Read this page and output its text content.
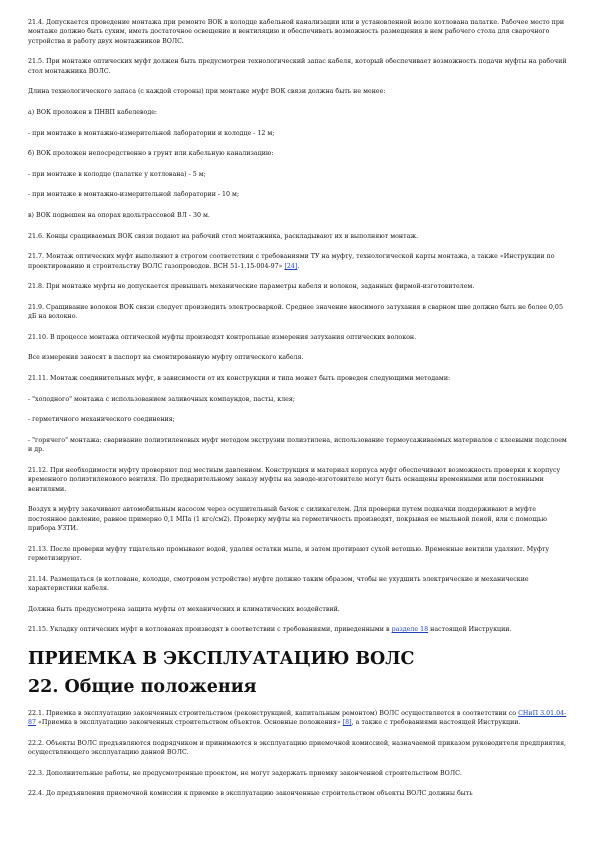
21.4. Допускается проведение монтажа при ремонте ВОК в колодце кабельной канализации или в установленной возле котлована палатке. Рабочее место при монтаже должно быть сухим, иметь достаточное освещение и вентиляцию и обеспечивать возможность размещения в нем рабочего стола для сварочного устройства и работу двух монтажников ВОЛС.

21.5. При монтаже оптических муфт должен быть предусмотрен технологический запас кабеля, который обеспечивает возможность подачи муфты на рабочий стол монтажника ВОЛС.

Длина технологического запаса (с каждой стороны) при монтаже муфт ВОК связи должна быть не менее:

а) ВОК проложен в ПНВП кабелеводе:

- при монтаже в монтажно-измерительной лаборатории и колодце - 12 м;

б) ВОК проложен непосредственно в грунт или кабельную канализацию:

- при монтаже в колодце (палатке у котлована) - 5 м;

- при монтаже в монтажно-измерительной лаборатории - 10 м;

в) ВОК подвешен на опорах вдольтрассовой ВЛ - 30 м.

21.6. Концы сращиваемых ВОК связи подают на рабочий стол монтажника, раскладывают их и выполняют монтаж.

21.7. Монтаж оптических муфт выполняют в строгом соответствии с требованиями ТУ на муфту, технологической карты монтажа, а также «Инструкции по проектированию и строительству ВОЛС газопроводов. ВСН 51-1.15-004-97» [24].

21.8. При монтаже муфты не допускается превышать механические параметры кабеля и волокон, заданных фирмой-изготовителем.

21.9. Сращивание волокон ВОК связи следует производить электросваркой. Среднее значение вносимого затухания в сварном шве должно быть не более 0,05 дБ на волокно.

21.10. В процессе монтажа оптической муфты производят контрольные измерения затухания оптических волокон.

Все измерения заносят в паспорт на смонтированную муфту оптического кабеля.

21.11. Монтаж соединительных муфт, в зависимости от их конструкции и типа может быть проведен следующими методами:

- "холодного" монтажа с использованием заливочных компаундов, пасты, клея;

- герметичного механического соединения;

- "горячего" монтажа: сваривание полиэтиленовых муфт методом экструзии полиэтилена, использование термоусаживаемых материалов с клеевыми подслоем и др.

21.12. При необходимости муфту проверяют под местным давлением. Конструкция и материал корпуса муфт обеспечивают возможность проверки к корпусу временного полиэтиленового вентиля. По предварительному заказу муфты на заводе-изготовителе могут быть оснащены временными или постоянными вентилями.

Воздух в муфту закачивают автомобильным насосом через осушительный бачок с силикагелем. Для проверки путем подкачки поддерживают в муфте постоянное давление, равное примерно 0,1 МПа (1 кгс/см2). Проверку муфты на герметичность производят, покрывая ее мыльной пеной, или с помощью прибора УЗТИ.

21.13. После проверки муфту тщательно промывают водой, удаляя остатки мыла, и затем протирают сухой ветошью. Временные вентили удаляют. Муфту герметизируют.

21.14. Размещаться (в котловане, колодце, смотровом устройстве) муфте должно таким образом, чтобы не ухудшить электрические и механические характеристики кабеля.

Должна быть предусмотрена защита муфты от механических и климатических воздействий.

21.15. Укладку оптических муфт в котлованах производят в соответствии с требованиями, приведенными в разделе 18 настоящей Инструкции.

ПРИЕМКА В ЭКСПЛУАТАЦИЮ ВОЛС
22. Общие положения

22.1. Приемка в эксплуатацию законченных строительством (реконструкцией, капитальным ремонтом) ВОЛС осуществляется в соответствии со СНиП 3.01.04-87 «Приемка в эксплуатацию законченных строительством объектов. Основные положения» [8], а также с требованиями настоящей Инструкции.

22.2. Объекты ВОЛС предъявляются подрядчиком и принимаются в эксплуатацию приемочной комиссией, назначаемой приказом руководителя предприятия, осуществляющего эксплуатацию данной ВОЛС.

22.3. Дополнительные работы, не предусмотренные проектом, не могут задержать приемку законченной строительством ВОЛС.

22.4. До предъявления приемочной комиссии к приемке в эксплуатацию законченные строительством объекты ВОЛС должны быть
